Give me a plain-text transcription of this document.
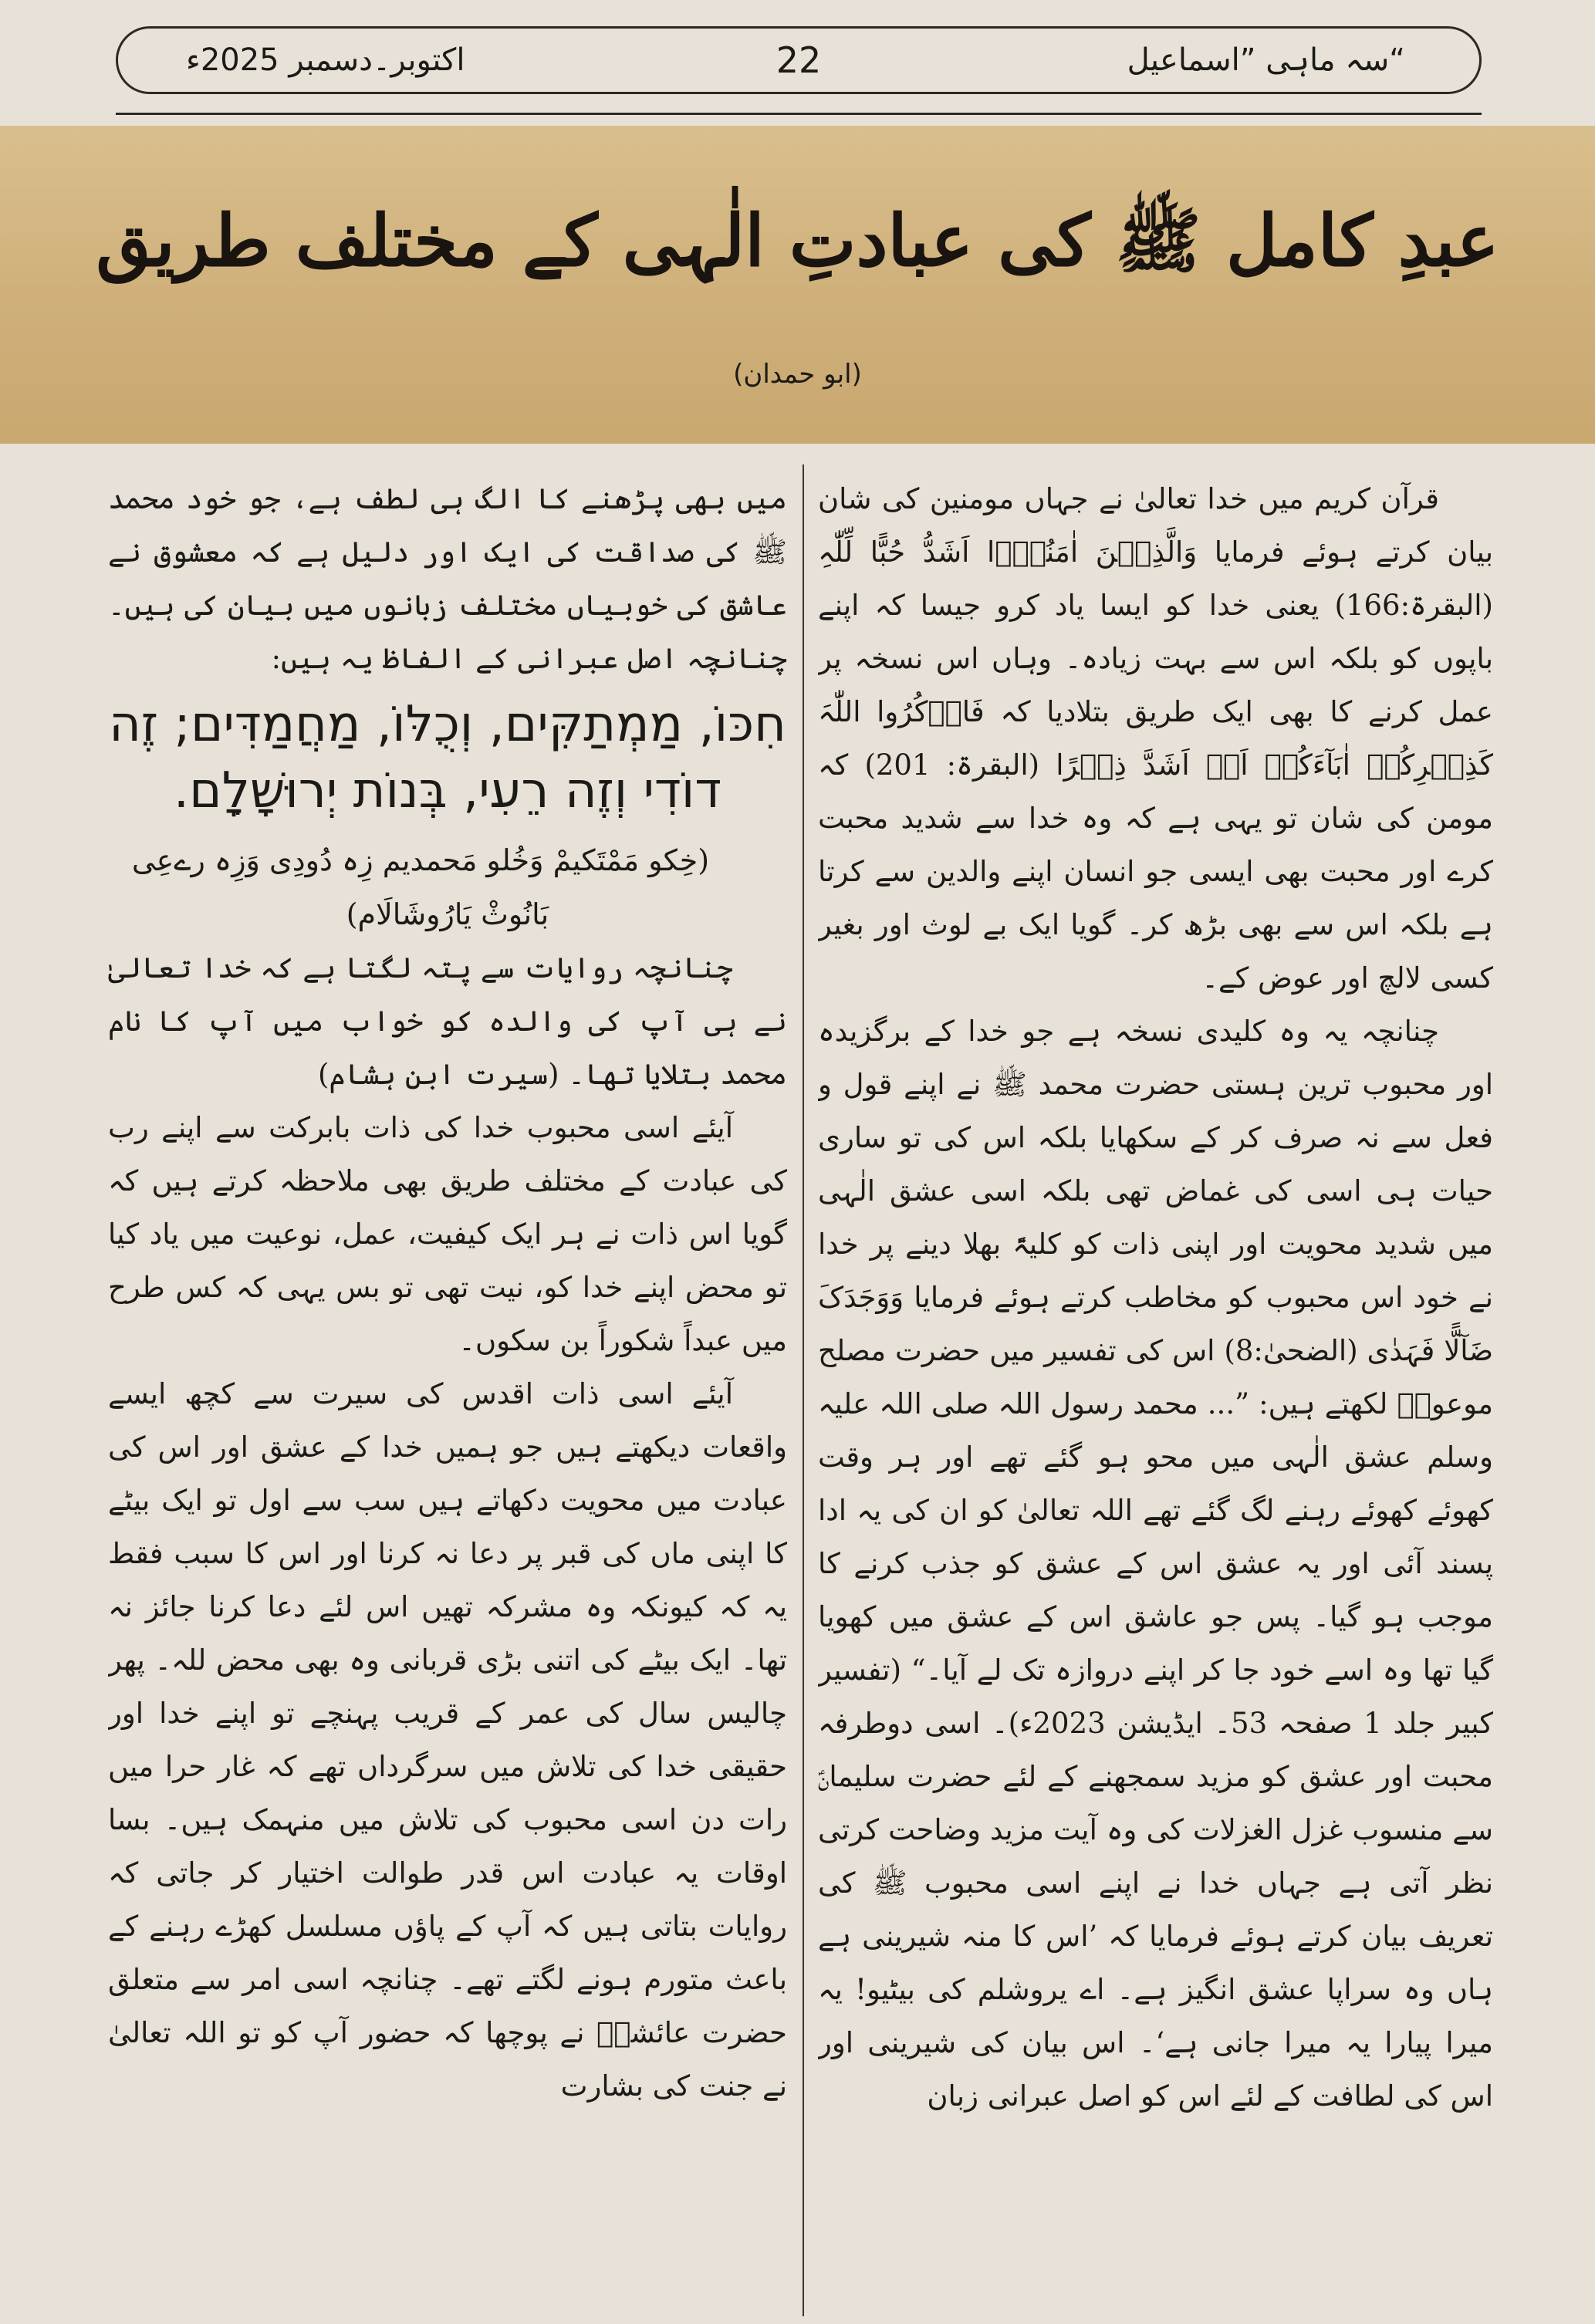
اکتوبر۔دسمبر 2025ء	22	سہ ماہی ”اسماعیل“
عبدِ کامل ﷺ کی عبادتِ الٰہی کے مختلف طریق
(ابو حمدان)

قرآن کریم میں خدا تعالیٰ نے جہاں مومنین کی شان بیان کرتے ہوئے فرمایا وَالَّذِیۡنَ اٰمَنُوۡۤا اَشَدُّ حُبًّا لِّلّٰہِ (البقرۃ:166) یعنی خدا کو ایسا یاد کرو جیسا کہ اپنے باپوں کو بلکہ اس سے بہت زیادہ۔ وہاں اس نسخہ پر عمل کرنے کا بھی ایک طریق بتلادیا کہ فَاذۡکُرُوا اللّٰہَ کَذِکۡرِکُمۡ اٰبَآءَکُمۡ اَوۡ اَشَدَّ ذِکۡرًا (البقرۃ: 201) کہ مومن کی شان تو یہی ہے کہ وہ خدا سے شدید محبت کرے اور محبت بھی ایسی جو انسان اپنے والدین سے کرتا ہے بلکہ اس سے بھی بڑھ کر۔ گویا ایک بے لوث اور بغیر کسی لالچ اور عوض کے۔

چنانچہ یہ وہ کلیدی نسخہ ہے جو خدا کے برگزیدہ اور محبوب ترین ہستی حضرت محمد ﷺ نے اپنے قول و فعل سے نہ صرف کر کے سکھایا بلکہ اس کی تو ساری حیات ہی اسی کی غماض تھی بلکہ اسی عشق الٰہی میں شدید محویت اور اپنی ذات کو کلیۃً بھلا دینے پر خدا نے خود اس محبوب کو مخاطب کرتے ہوئے فرمایا وَوَجَدَکَ ضَآلًّا فَہَدٰی (الضحیٰ:8) اس کی تفسیر میں حضرت مصلح موعودؓ لکھتے ہیں: ”... محمد رسول اللہ صلی اللہ علیہ وسلم عشق الٰہی میں محو ہو گئے تھے اور ہر وقت کھوئے کھوئے رہنے لگ گئے تھے اللہ تعالیٰ کو ان کی یہ ادا پسند آئی اور یہ عشق اس کے عشق کو جذب کرنے کا موجب ہو گیا۔ پس جو عاشق اس کے عشق میں کھویا گیا تھا وہ اسے خود جا کر اپنے دروازہ تک لے آیا۔“ (تفسیر کبیر جلد 1 صفحہ 53۔ ایڈیشن 2023ء)۔ اسی دوطرفہ محبت اور عشق کو مزید سمجھنے کے لئے حضرت سلیمانؑ سے منسوب غزل الغزلات کی وہ آیت مزید وضاحت کرتی نظر آتی ہے جہاں خدا نے اپنے اسی محبوب ﷺ کی تعریف بیان کرتے ہوئے فرمایا کہ ’اس کا منہ شیرینی ہے ہاں وہ سراپا عشق انگیز ہے۔ اے یروشلم کی بیٹیو! یہ میرا پیارا یہ میرا جانی ہے‘۔ اس بیان کی شیرینی اور اس کی لطافت کے لئے اس کو اصل عبرانی زبان

میں بھی پڑھنے کا الگ ہی لطف ہے، جو خود محمد ﷺ کی صداقت کی ایک اور دلیل ہے کہ معشوق نے عاشق کی خوبیاں مختلف زبانوں میں بیان کی ہیں۔ چنانچہ اصل عبرانی کے الفاظ یہ ہیں:

חִכּוֹ, מַמְתַקִּים, וְכֻלּוֹ, מַחֲמַדִּים; זֶה דוֹדִי וְזֶה רֵעִי, בְּנוֹת יְרוּשָׁלָ‍ִם.

(خِکو مَمْتَکیمْ وَخُلو مَحمدیم زِہ دُودِی وَزِہ رے‌عِی بَانُوثْ یَارُوشَالَام)

چنانچہ روایات سے پتہ لگتا ہے کہ خدا تعالیٰ نے ہی آپ کی والدہ کو خواب میں آپ کا نام محمد بتلایا تھا۔ (سیرت ابن ہشام)

آیئے اسی محبوب خدا کی ذات بابرکت سے اپنے رب کی عبادت کے مختلف طریق بھی ملاحظہ کرتے ہیں کہ گویا اس ذات نے ہر ایک کیفیت، عمل، نوعیت میں یاد کیا تو محض اپنے خدا کو، نیت تھی تو بس یہی کہ کس طرح میں عبداً شکوراً بن سکوں۔

آیئے اسی ذات اقدس کی سیرت سے کچھ ایسے واقعات دیکھتے ہیں جو ہمیں خدا کے عشق اور اس کی عبادت میں محویت دکھاتے ہیں سب سے اول تو ایک بیٹے کا اپنی ماں کی قبر پر دعا نہ کرنا اور اس کا سبب فقط یہ کہ کیونکہ وہ مشرکہ تھیں اس لئے دعا کرنا جائز نہ تھا۔ ایک بیٹے کی اتنی بڑی قربانی وہ بھی محض للہ۔ پھر چالیس سال کی عمر کے قریب پہنچے تو اپنے خدا اور حقیقی خدا کی تلاش میں سرگرداں تھے کہ غار حرا میں رات دن اسی محبوب کی تلاش میں منہمک ہیں۔ بسا اوقات یہ عبادت اس قدر طوالت اختیار کر جاتی کہ روایات بتاتی ہیں کہ آپ کے پاؤں مسلسل کھڑے رہنے کے باعث متورم ہونے لگتے تھے۔ چنانچہ اسی امر سے متعلق حضرت عائشہؓ نے پوچھا کہ حضور آپ کو تو اللہ تعالیٰ نے جنت کی بشارت
